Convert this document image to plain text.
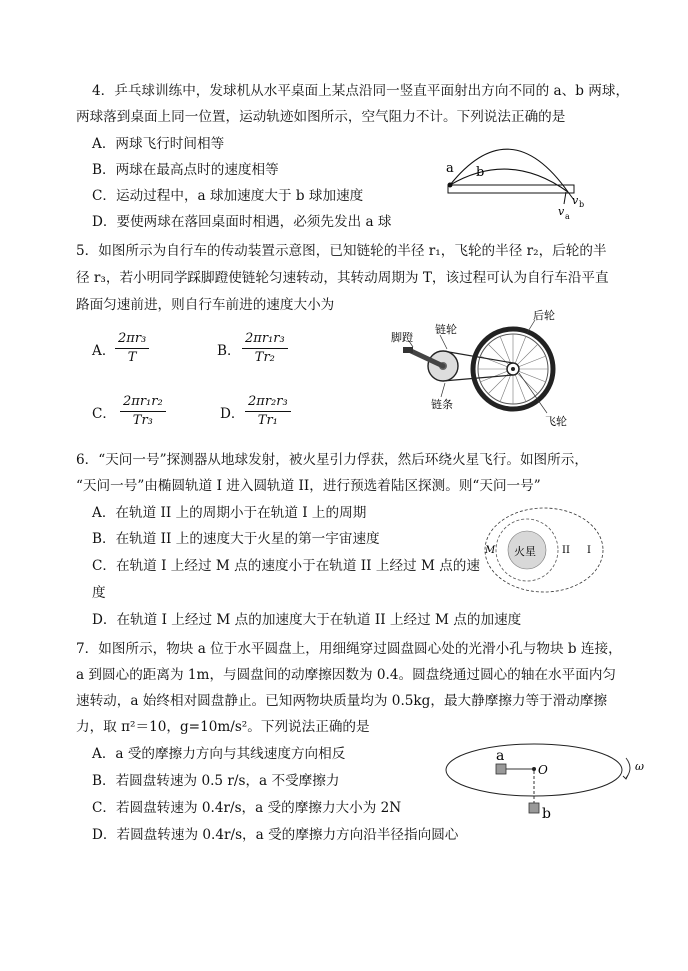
4．乒乓球训练中，发球机从水平桌面上某点沿同一竖直平面射出方向不同的 a、b 两球，
两球落到桌面上同一位置，运动轨迹如图所示，空气阻力不计。下列说法正确的是
A．两球飞行时间相等
B．两球在最高点时的速度相等
C．运动过程中，a 球加速度大于 b 球加速度
D．要使两球在落回桌面时相遇，必须先发出 a 球
a b
v a
v b
5．如图所示为自行车的传动装置示意图，已知链轮的半径 r₁，飞轮的半径 r₂，后轮的半
径 r₃，若小明同学踩脚蹬使链轮匀速转动，其转动周期为 T，该过程可认为自行车沿平直
路面匀速前进，则自行车前进的速度大小为
A． $\frac{\text{2πr₃}}{T}$	B． $\frac{\text{2πr₁r₃}}{\text{Tr₂}}$
C． $\frac{\text{2πr₁r₂}}{\text{Tr₃}}$	D． $\frac{\text{2πr₂r₃}}{\text{Tr₁}}$
后轮
链轮
脚蹬
链条
飞轮
6．“天问一号”探测器从地球发射，被火星引力俘获，然后环绕火星飞行。如图所示，
“天问一号”由椭圆轨道 I 进入圆轨道 II，进行预选着陆区探测。则“天问一号”
A．在轨道 II 上的周期小于在轨道 I 上的周期
B．在轨道 II 上的速度大于火星的第一宇宙速度
C．在轨道 I 上经过 M 点的速度小于在轨道 II 上经过 M 点的速
度
D．在轨道 I 上经过 M 点的加速度大于在轨道 II 上经过 M 点的加速度
火星	II I
M
7．如图所示，物块 a 位于水平圆盘上，用细绳穿过圆盘圆心处的光滑小孔与物块 b 连接，
a 到圆心的距离为 1m，与圆盘间的动摩擦因数为 0.4。圆盘绕通过圆心的轴在水平面内匀
速转动，a 始终相对圆盘静止。已知两物块质量均为 0.5kg，最大静摩擦力等于滑动摩擦
力，取 π²＝10，g=10m/s²。下列说法正确的是
A．a 受的摩擦力方向与其线速度方向相反
B．若圆盘转速为 0.5 r/s，a 不受摩擦力
C．若圆盘转速为 0.4r/s，a 受的摩擦力大小为 2N
D．若圆盘转速为 0.4r/s，a 受的摩擦力方向沿半径指向圆心
a
O
b
ω
